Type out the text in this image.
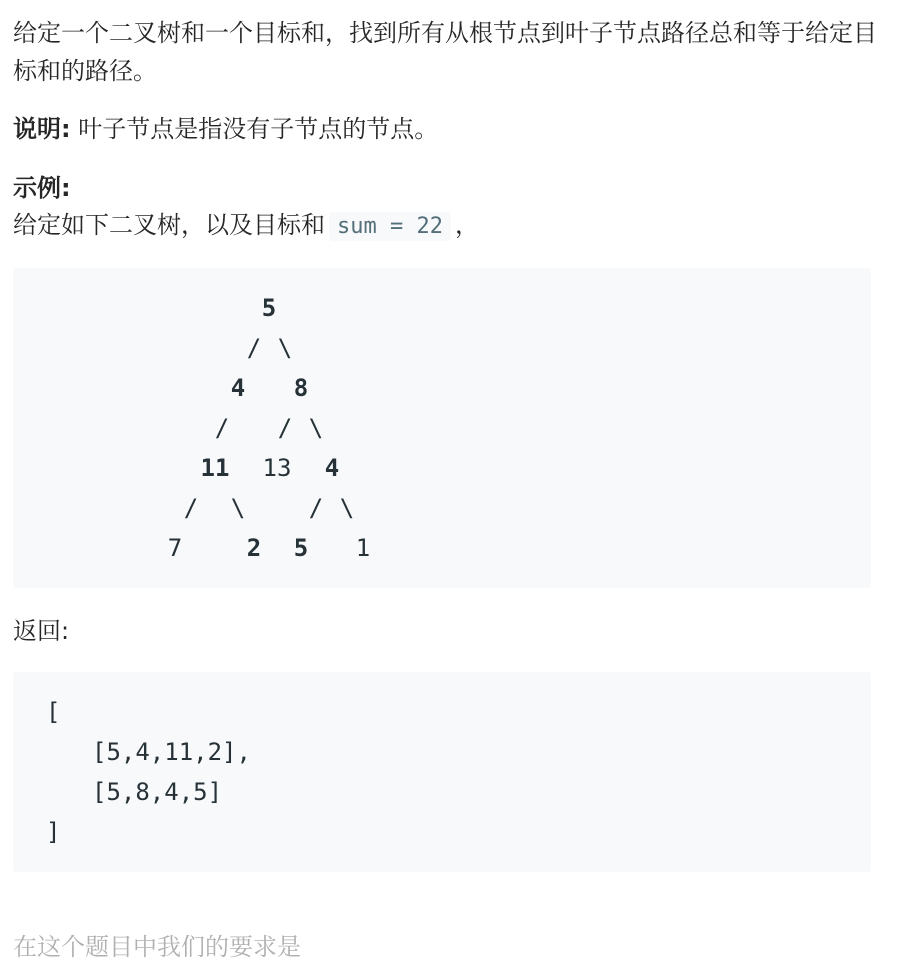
给定一个二叉树和一个目标和，找到所有从根节点到叶子节点路径总和等于给定目标和的路径。

说明: 叶子节点是指没有子节点的节点。

示例:

给定如下二叉树，以及目标和 sum = 22 ，

5
/ \
4 8
/ / \
11 13 4
/ \	/ \
7	2 5 1

返回:

[

[5,4,11,2],

[5,8,4,5]

]

在这个题目中我们的要求是
